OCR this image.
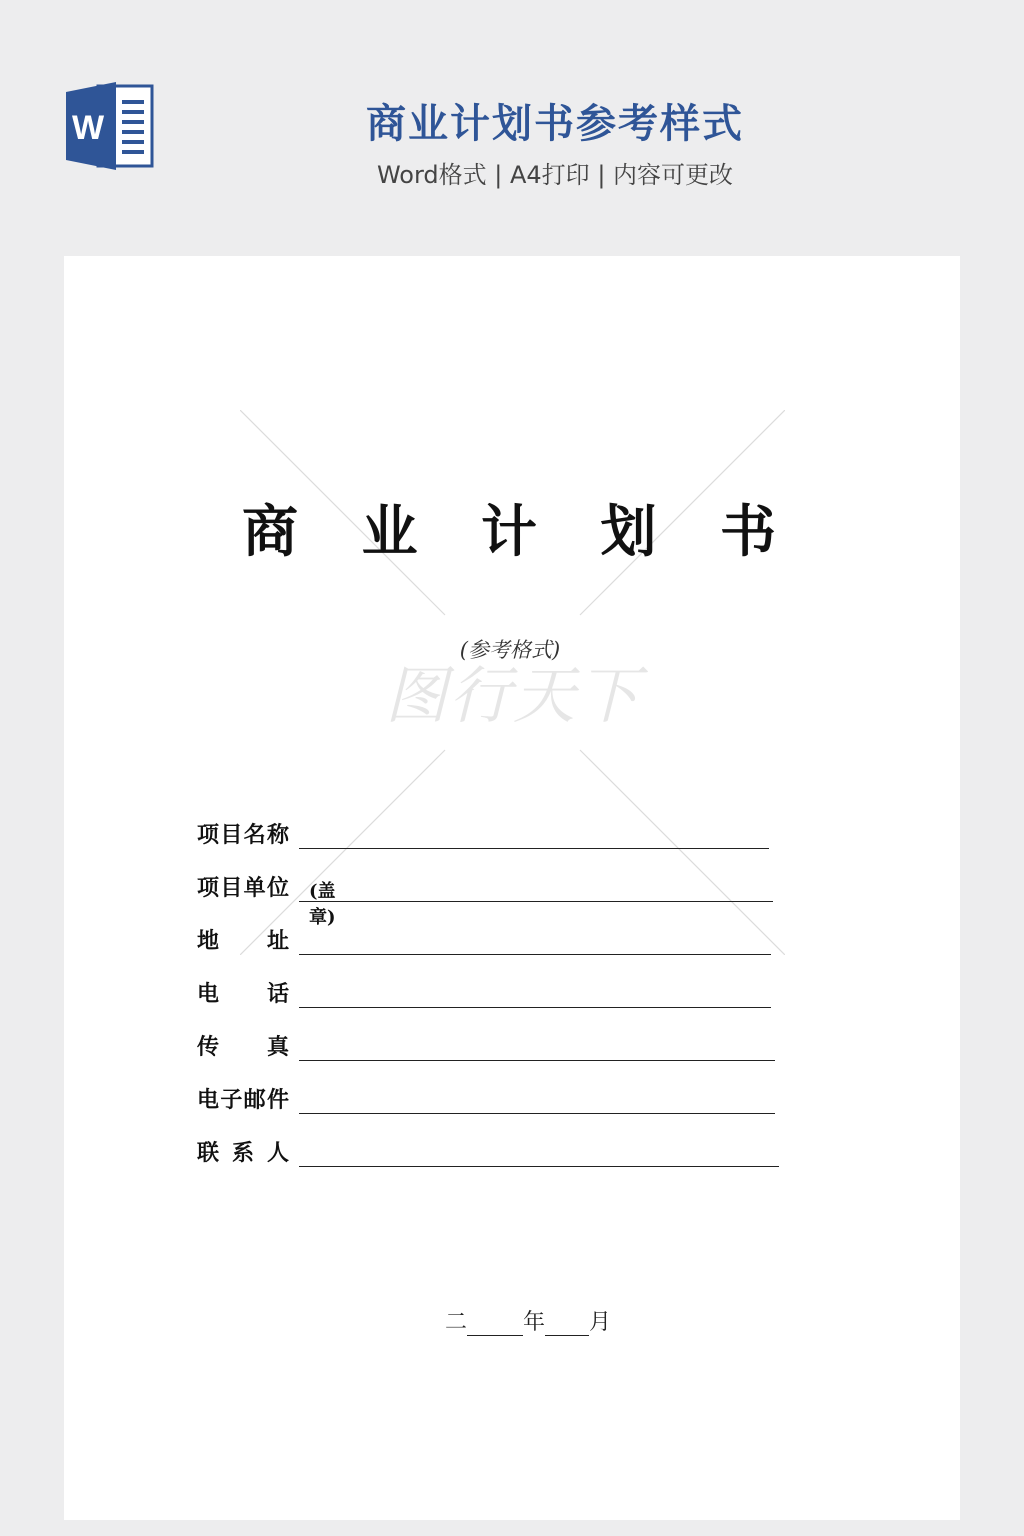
W	商业计划书参考样式
Word格式 | A4打印 | 内容可更改
图行天下
商 业 计 划 书
(参考格式)
项 目 名 称
项 目 单 位 (盖章)
地 址
电 话
传 真
电 子 邮 件
联 系 人
二	年 月
